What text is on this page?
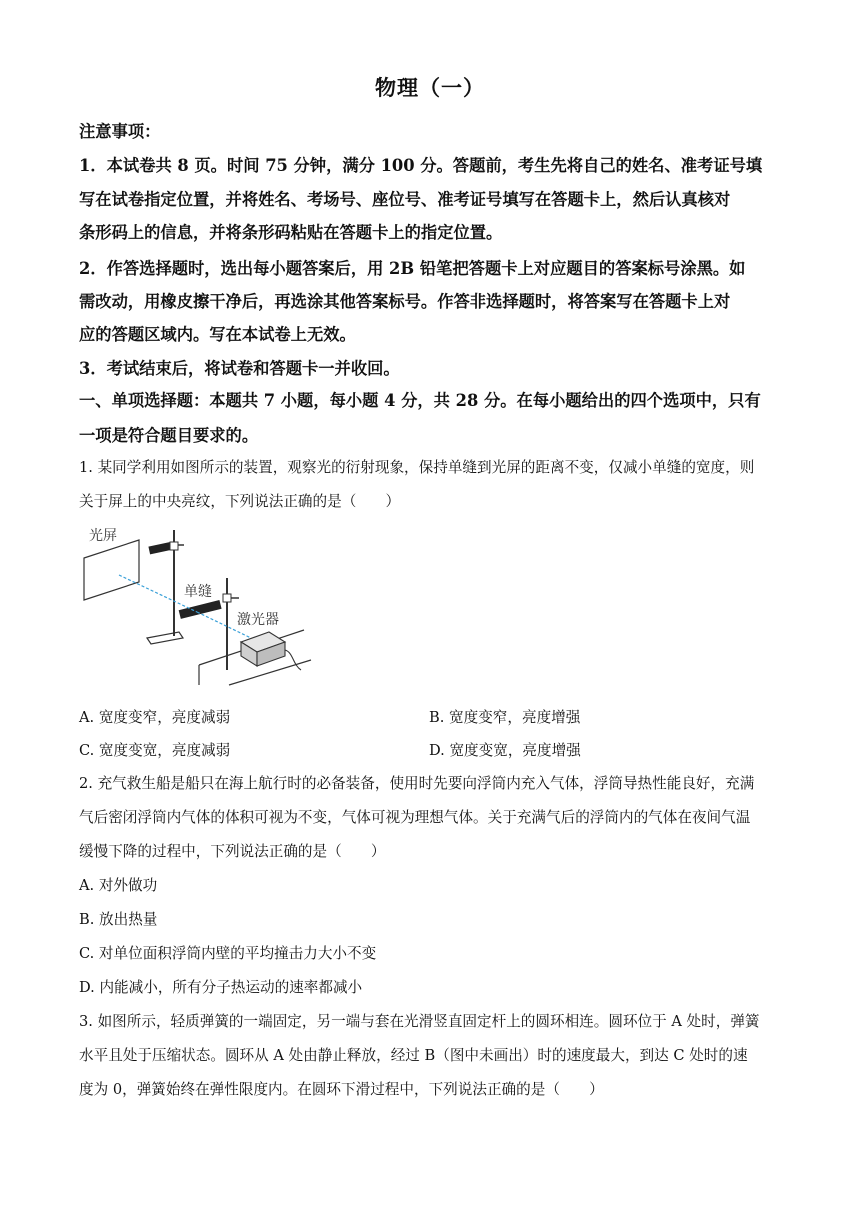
物理（一）
注意事项：
1．本试卷共 8 页。时间 75 分钟，满分 100 分。答题前，考生先将自己的姓名、准考证号填
写在试卷指定位置，并将姓名、考场号、座位号、准考证号填写在答题卡上，然后认真核对
条形码上的信息，并将条形码粘贴在答题卡上的指定位置。
2．作答选择题时，选出每小题答案后，用 2B 铅笔把答题卡上对应题目的答案标号涂黑。如
需改动，用橡皮擦干净后，再选涂其他答案标号。作答非选择题时，将答案写在答题卡上对
应的答题区域内。写在本试卷上无效。
3．考试结束后，将试卷和答题卡一并收回。
一、单项选择题：本题共 7 小题，每小题 4 分，共 28 分。在每小题给出的四个选项中，只有
一项是符合题目要求的。
1. 某同学利用如图所示的装置，观察光的衍射现象，保持单缝到光屏的距离不变，仅减小单缝的宽度，则
关于屏上的中央亮纹，下列说法正确的是（　　）
光屏
单缝
激光器
A. 宽度变窄，亮度减弱	B. 宽度变窄，亮度增强
C. 宽度变宽，亮度减弱	D. 宽度变宽，亮度增强
2. 充气救生船是船只在海上航行时的必备装备，使用时先要向浮筒内充入气体，浮筒导热性能良好，充满
气后密闭浮筒内气体的体积可视为不变，气体可视为理想气体。关于充满气后的浮筒内的气体在夜间气温
缓慢下降的过程中，下列说法正确的是（　　）
A. 对外做功
B. 放出热量
C. 对单位面积浮筒内壁的平均撞击力大小不变
D. 内能减小，所有分子热运动的速率都减小
3. 如图所示，轻质弹簧的一端固定，另一端与套在光滑竖直固定杆上的圆环相连。圆环位于 A 处时，弹簧
水平且处于压缩状态。圆环从 A 处由静止释放，经过 B（图中未画出）时的速度最大，到达 C 处时的速
度为 0，弹簧始终在弹性限度内。在圆环下滑过程中，下列说法正确的是（　　）
